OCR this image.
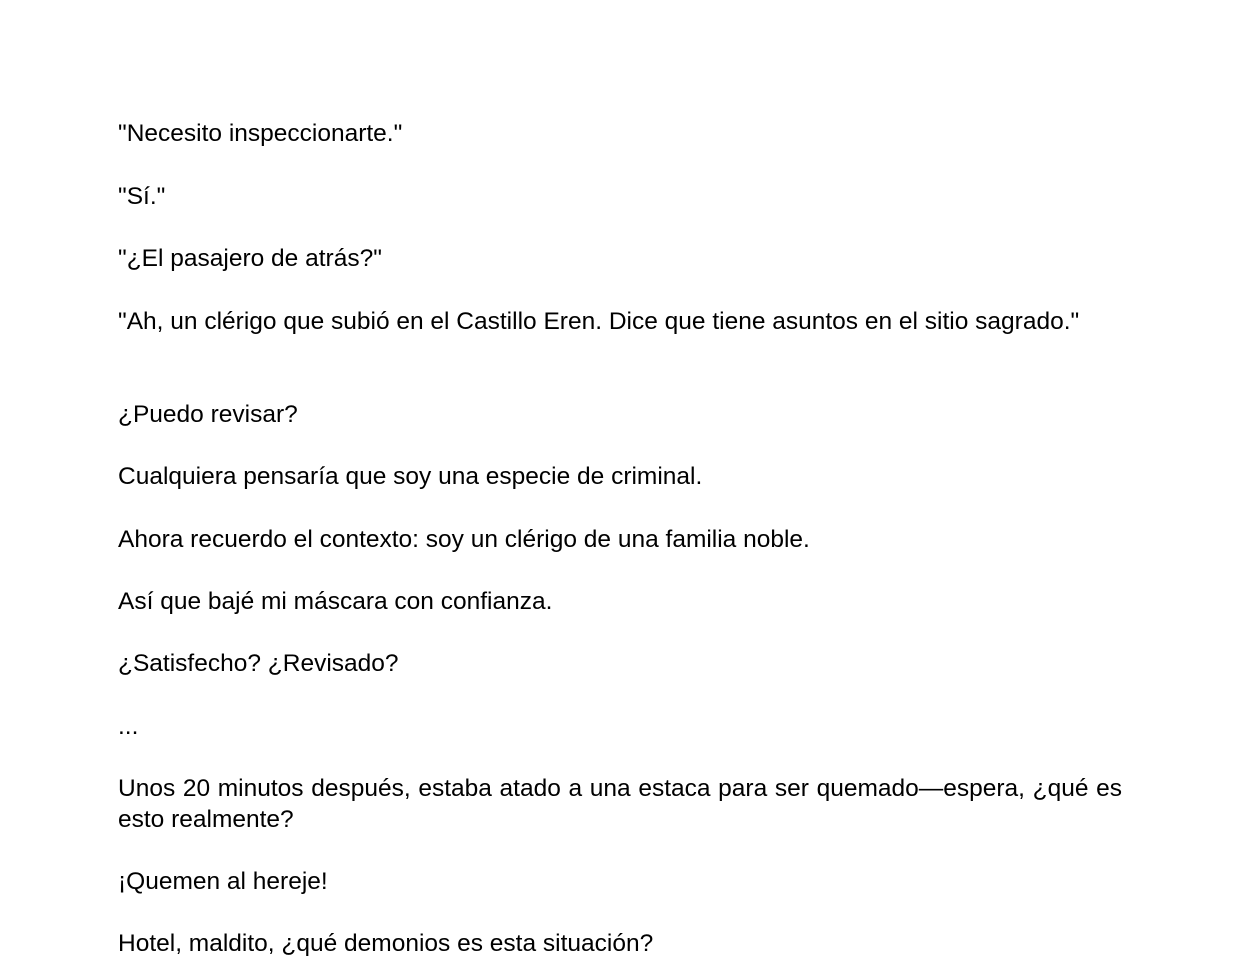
"Necesito inspeccionarte."

"Sí."

"¿El pasajero de atrás?"

"Ah, un clérigo que subió en el Castillo Eren. Dice que tiene asuntos en el sitio sagrado."

¿Puedo revisar?

Cualquiera pensaría que soy una especie de criminal.

Ahora recuerdo el contexto: soy un clérigo de una familia noble.

Así que bajé mi máscara con confianza.

¿Satisfecho? ¿Revisado?

...

Unos 20 minutos después, estaba atado a una estaca para ser quemado—espera, ¿qué es esto realmente?

¡Quemen al hereje!

Hotel, maldito, ¿qué demonios es esta situación?
